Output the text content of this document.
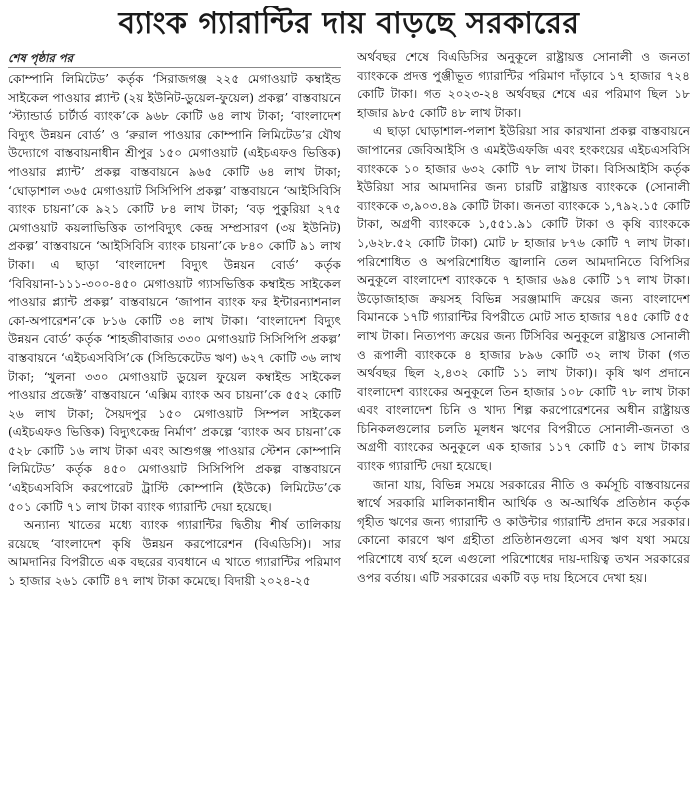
ব্যাংক গ্যারান্টির দায় বাড়ছে সরকারের
শেষ পৃষ্ঠার পর

কোম্পানি লিমিটেড’ কর্তৃক ‘সিরাজগঞ্জ ২২৫ মেগাওয়াট কম্বাইন্ড সাইকেল পাওয়ার প্ল্যান্ট (২য় ইউনিট-ডুয়েল-ফুয়েল) প্রকল্প’ বাস্তবায়নে ‘স্ট্যান্ডার্ড চার্টার্ড ব্যাংক’কে ৯৬৮ কোটি ৬৪ লাখ টাকা; ‘বাংলাদেশ বিদ্যুৎ উন্নয়ন বোর্ড’ ও ‘রুরাল পাওয়ার কোম্পানি লিমিটেড’র যৌথ উদ্যোগে বাস্তবায়নাধীন শ্রীপুর ১৫০ মেগাওয়াট (এইচএফও ভিত্তিক) পাওয়ার প্ল্যান্ট’ প্রকল্প বাস্তবায়নে ৯৬৫ কোটি ৬৪ লাখ টাকা; ‘ঘোড়াশাল ৩৬৫ মেগাওয়াট সিসিপিপি প্রকল্প’ বাস্তবায়নে ‘আইসিবিসি ব্যাংক চায়না’কে ৯২১ কোটি ৮৪ লাখ টাকা; ‘বড় পুকুরিয়া ২৭৫ মেগাওয়াট কয়লাভিত্তিক তাপবিদ্যুৎ কেন্দ্র সম্প্রসারণ (৩য় ইউনিট) প্রকল্প’ বাস্তবায়নে ‘আইসিবিসি ব্যাংক চায়না’কে ৮৪০ কোটি ৯১ লাখ টাকা। এ ছাড়া ‘বাংলাদেশ বিদ্যুৎ উন্নয়ন বোর্ড’ কর্তৃক ‘বিবিয়ানা-১১১-৩০০-৪৫০ মেগাওয়াট গ্যাসভিত্তিক কম্বাইন্ড সাইকেল পাওয়ার প্ল্যান্ট প্রকল্প’ বাস্তবায়নে ‘জাপান ব্যাংক ফর ইন্টারন্যাশনাল কো-অপারেশন’কে ৮১৬ কোটি ৩৪ লাখ টাকা। ‘বাংলাদেশ বিদ্যুৎ উন্নয়ন বোর্ড’ কর্তৃক ‘শাহজীবাজার ৩৩০ মেগাওয়াট সিসিপিপি প্রকল্প’ বাস্তবায়নে ‘এইচএসবিসি’কে (সিন্ডিকেটেড ঋণ) ৬২৭ কোটি ৩৬ লাখ টাকা; ‘খুলনা ৩৩০ মেগাওয়াট ডুয়েল ফুয়েল কম্বাইন্ড সাইকেল পাওয়ার প্রজেক্ট’ বাস্তবায়নে ‘এক্সিম ব্যাংক অব চায়না’কে ৫৫২ কোটি ২৬ লাখ টাকা; সৈয়দপুর ১৫০ মেগাওয়াট সিম্পল সাইকেল (এইচএফও ভিত্তিক) বিদ্যুৎকেন্দ্র নির্মাণ’ প্রকল্পে ‘ব্যাংক অব চায়না’কে ৫২৮ কোটি ১৬ লাখ টাকা এবং আশুগঞ্জ পাওয়ার স্টেশন কোম্পানি লিমিটেড’ কর্তৃক ৪৫০ মেগাওয়াট সিসিপিপি প্রকল্প বাস্তবায়নে ‘এইচএসবিসি করপোরেট ট্রাস্টি কোম্পানি (ইউকে) লিমিটেড’কে ৫০১ কোটি ৭১ লাখ টাকা ব্যাংক গ্যারান্টি দেয়া হয়েছে।

অন্যান্য খাতের মধ্যে ব্যাংক গ্যারান্টির দ্বিতীয় শীর্ষ তালিকায় রয়েছে ‘বাংলাদেশ কৃষি উন্নয়ন করপোরেশন (বিএডিসি)। সার আমদানির বিপরীতে এক বছরের ব্যবধানে এ খাতে গ্যারান্টির পরিমাণ ১ হাজার ২৬১ কোটি ৪৭ লাখ টাকা কমেছে। বিদায়ী ২০২৪-২৫

অর্থবছর শেষে বিএডিসির অনুকূলে রাষ্ট্রায়ত্ত সোনালী ও জনতা ব্যাংককে প্রদত্ত পুঞ্জীভূত গ্যারান্টির পরিমাণ দাঁড়াবে ১৭ হাজার ৭২৪ কোটি টাকা। গত ২০২৩-২৪ অর্থবছর শেষে এর পরিমাণ ছিল ১৮ হাজার ৯৮৫ কোটি ৪৮ লাখ টাকা।

এ ছাড়া ঘোড়াশাল-পলাশ ইউরিয়া সার কারখানা প্রকল্প বাস্তবায়নে জাপানের জেবিআইসি ও এমইউএফজি এবং হংকংয়ের এইচএসবিসি ব্যাংককে ১০ হাজার ৬৩২ কোটি ৭৮ লাখ টাকা। বিসিআইসি কর্তৃক ইউরিয়া সার আমদানির জন্য চারটি রাষ্ট্রায়ত্ত ব্যাংককে (সোনালী ব্যাংককে ৩,৯০৩.৪৯ কোটি টাকা। জনতা ব্যাংককে ১,৭৯২.১৫ কোটি টাকা, অগ্রণী ব্যাংককে ১,৫৫১.৯১ কোটি টাকা ও কৃষি ব্যাংককে ১,৬২৮.৫২ কোটি টাকা) মোট ৮ হাজার ৮৭৬ কোটি ৭ লাখ টাকা। পরিশোধিত ও অপরিশোধিত জ্বালানি তেল আমদানিতে বিপিসির অনুকূলে বাংলাদেশ ব্যাংককে ৭ হাজার ৬৯৪ কোটি ১৭ লাখ টাকা। উড়োজাহাজ ক্রয়সহ বিভিন্ন সরঞ্জামাদি ক্রয়ের জন্য বাংলাদেশ বিমানকে ১৭টি গ্যারান্টির বিপরীতে মোট সাত হাজার ৭৪৫ কোটি ৫৫ লাখ টাকা। নিত্যপণ্য ক্রয়ের জন্য টিসিবির অনুকূলে রাষ্ট্রায়ত্ত সোনালী ও রূপালী ব্যাংককে ৪ হাজার ৮৯৬ কোটি ৩২ লাখ টাকা (গত অর্থবছর ছিল ২,৪৩২ কোটি ১১ লাখ টাকা)। কৃষি ঋণ প্রদানে বাংলাদেশ ব্যাংকের অনুকূলে তিন হাজার ১০৮ কোটি ৭৮ লাখ টাকা এবং বাংলাদেশ চিনি ও খাদ্য শিল্প করপোরেশনের অধীন রাষ্ট্রায়ত্ত চিনিকলগুলোর চলতি মূলধন ঋণের বিপরীতে সোনালী-জনতা ও অগ্রণী ব্যাংকের অনুকূলে এক হাজার ১১৭ কোটি ৫১ লাখ টাকার ব্যাংক গ্যারান্টি দেয়া হয়েছে।

জানা যায়, বিভিন্ন সময়ে সরকারের নীতি ও কর্মসূচি বাস্তবায়নের স্বার্থে সরকারি মালিকানাধীন আর্থিক ও অ-আর্থিক প্রতিষ্ঠান কর্তৃক গৃহীত ঋণের জন্য গ্যারান্টি ও কাউন্টার গ্যারান্টি প্রদান করে সরকার। কোনো কারণে ঋণ গ্রহীতা প্রতিষ্ঠানগুলো এসব ঋণ যথা সময়ে পরিশোধে ব্যর্থ হলে এগুলো পরিশোধের দায়-দায়িত্ব তখন সরকারের ওপর বর্তায়। এটি সরকারের একটি বড় দায় হিসেবে দেখা হয়।
